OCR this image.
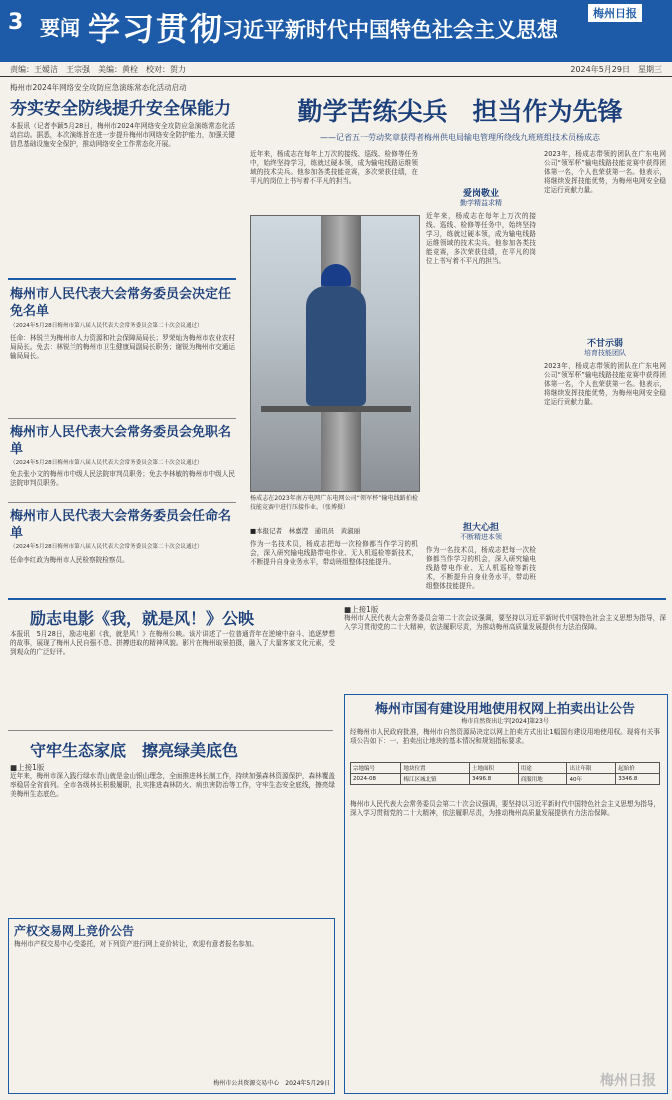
3 要闻 学习贯彻
习近平新时代中国特色社会主义思想
梅州日报
责编：王嫒洁　王宗强　美编：黄栓　校对：贺力	2024年5月29日　星期三
梅州市2024年网络安全攻防应急演练常态化活动启动
夯实安全防线提升安全保能力
本报讯（记者李颖5月28日，梅州市2024年网络安全攻防应急演练常态化活动启动。据悉，本次演练旨在进一步提升梅州市网络安全防护能力，加强关键信息基础设施安全保护，推动网络安全工作常态化开展。
梅州市人民代表大会常务委员会决定任免名单
（2024年5月28日梅州市第八届人民代表大会常务委员会第二十次会议通过）
任命：林锐兰为梅州市人力资源和社会保障局局长；罗荣灿为梅州市农业农村局局长。免去：林锐兰的梅州市卫生健康局副局长职务；谢锐为梅州市交通运输局局长。
梅州市人民代表大会常务委员会免职名单
（2024年5月28日梅州市第八届人民代表大会常务委员会第二十次会议通过）
免去张小文的梅州市中级人民法院审判员职务；免去李林敏的梅州市中级人民法院审判员职务。
梅州市人民代表大会常务委员会任命名单
（2024年5月28日梅州市第八届人民代表大会常务委员会第二十次会议通过）
任命李红政为梅州市人民检察院检察员。
勤学苦练尖兵　担当作为先锋
——记省五一劳动奖章获得者梅州供电局输电管理所绕线九班班组技术员杨成志
近年来，杨成志在每年上万次的接线、巡线、检修等任务中，始终坚持学习，练就过硬本领，成为输电线路运维领域的技术尖兵。他参加各类技能竞赛，多次荣获佳绩，在平凡的岗位上书写着不平凡的担当。
杨成志在2023年南方电网广东电网公司“领军杯”输电线路拍检技能竞赛中进行压接作业。（张博摄）
■本报记者　林嘉滢　通讯员　黄淑丽
作为一名技术员，杨成志把每一次检修都当作学习的机会，深入研究输电线路带电作业、无人机巡检等新技术，不断提升自身业务水平，带动班组整体技能提升。
爱岗敬业
勤学精益求精
近年来，杨成志在每年上万次的接线、巡线、检修等任务中，始终坚持学习，练就过硬本领，成为输电线路运维领域的技术尖兵。他参加各类技能竞赛，多次荣获佳绩，在平凡的岗位上书写着不平凡的担当。
担大心担
不断精进本领
作为一名技术员，杨成志把每一次检修都当作学习的机会，深入研究输电线路带电作业、无人机巡检等新技术，不断提升自身业务水平，带动班组整体技能提升。
2023年，杨成志带领的团队在广东电网公司“领军杯”输电线路技能竞赛中获得团体第一名，个人也荣获第一名。他表示，将继续发挥技能优势，为梅州电网安全稳定运行贡献力量。
不甘示弱
培育技能团队
2023年，杨成志带领的团队在广东电网公司“领军杯”输电线路技能竞赛中获得团体第一名，个人也荣获第一名。他表示，将继续发挥技能优势，为梅州电网安全稳定运行贡献力量。
励志电影《我，就是风！》公映
本报讯　5月28日，励志电影《我，就是风！》在梅州公映。该片讲述了一位普通青年在逆境中奋斗、追逐梦想的故事，展现了梅州人民自强不息、拼搏进取的精神风貌。影片在梅州取景拍摄，融入了大量客家文化元素，受到观众的广泛好评。
守牢生态家底　擦亮绿美底色
■上接1版
近年来，梅州市深入践行绿水青山就是金山银山理念，全面推进林长制工作，持续加强森林资源保护，森林覆盖率稳居全省前列。全市各级林长积极履职，扎实推进森林防火、病虫害防治等工作，守牢生态安全底线，擦亮绿美梅州生态底色。
■上接1版
梅州市人民代表大会常务委员会第二十次会议强调，要坚持以习近平新时代中国特色社会主义思想为指导，深入学习贯彻党的二十大精神，依法履职尽责，为推动梅州高质量发展提供有力法治保障。
梅州市国有建设用地使用权网上拍卖出让公告
梅市自然资出让字[2024]第23号
经梅州市人民政府批准，梅州市自然资源局决定以网上拍卖方式出让1幅国有建设用地使用权。现将有关事项公告如下：一、拍卖出让地块的基本情况和规划指标要求。
宗地编号	地块位置	土地面积	用途	出让年限	起始价
2024-08	梅江区城北镇	3496.8	商服用地	40年	3346.8
梅州市人民代表大会常务委员会第二十次会议强调，要坚持以习近平新时代中国特色社会主义思想为指导，深入学习贯彻党的二十大精神，依法履职尽责，为推动梅州高质量发展提供有力法治保障。
产权交易网上竞价公告
梅州市产权交易中心受委托，对下列资产进行网上竞价转让，欢迎有意者报名参加。
梅州市公共资源交易中心　2024年5月29日	梅州日报
